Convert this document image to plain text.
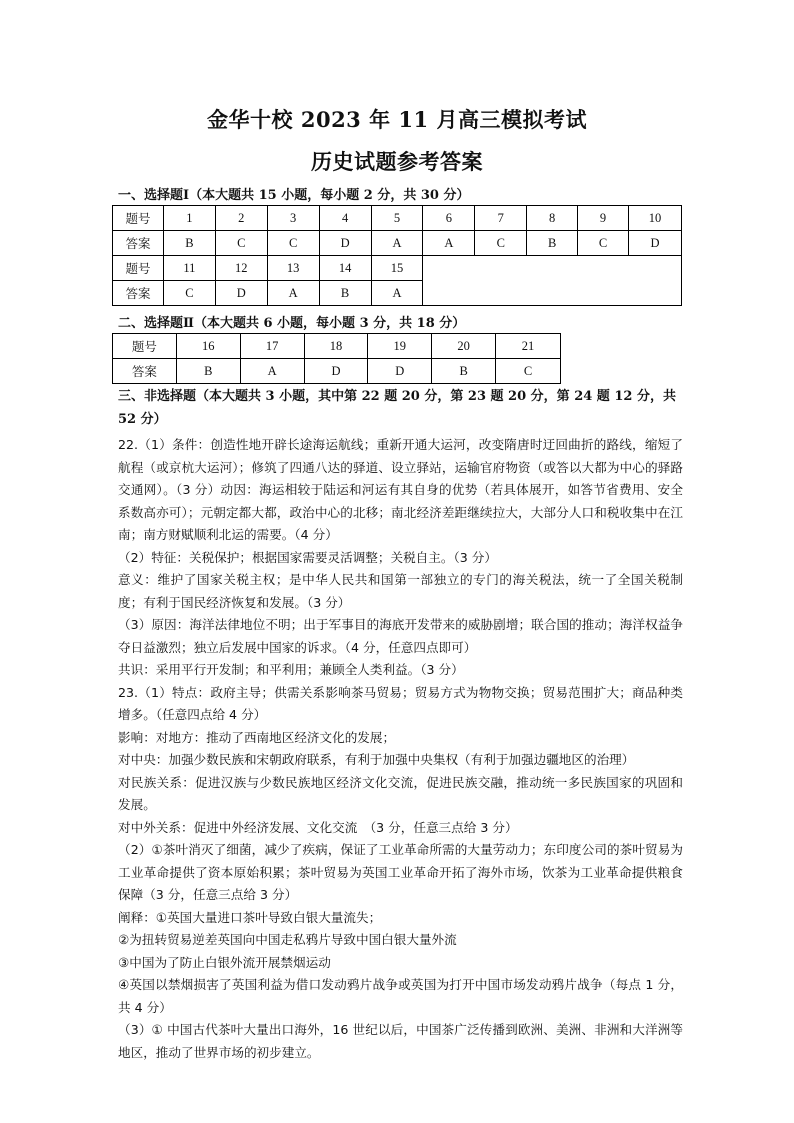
金华十校 2023 年 11 月高三模拟考试
历史试题参考答案
一、选择题Ⅰ（本大题共 15 小题，每小题 2 分，共 30 分）
题号	1	2	3	4	5	6	7	8	9	10
答案	B	C	C	D	A	A	C	B	C	D
题号	11	12	13	14	15					
答案	C	D	A	B	A					
二、选择题Ⅱ（本大题共 6 小题，每小题 3 分，共 18 分）
题号	16	17	18	19	20	21
答案	B	A	D	D	B	C
三、非选择题（本大题共 3 小题，其中第 22 题 20 分，第 23 题 20 分，第 24 题 12 分，共 52 分）

22.（1）条件：创造性地开辟长途海运航线；重新开通大运河，改变隋唐时迂回曲折的路线，缩短了航程（或京杭大运河）；修筑了四通八达的驿道、设立驿站，运输官府物资（或答以大都为中心的驿路交通网）。（3 分）动因：海运相较于陆运和河运有其自身的优势（若具体展开，如答节省费用、安全系数高亦可）；元朝定都大都，政治中心的北移；南北经济差距继续拉大，大部分人口和税收集中在江南；南方财赋顺利北运的需要。（4 分）

（2）特征：关税保护；根据国家需要灵活调整；关税自主。（3 分）

意义：维护了国家关税主权；是中华人民共和国第一部独立的专门的海关税法，统一了全国关税制度；有利于国民经济恢复和发展。（3 分）

（3）原因：海洋法律地位不明；出于军事目的海底开发带来的威胁剧增；联合国的推动；海洋权益争夺日益激烈；独立后发展中国家的诉求。（4 分，任意四点即可）

共识：采用平行开发制；和平利用；兼顾全人类利益。（3 分）

23.（1）特点：政府主导；供需关系影响茶马贸易；贸易方式为物物交换；贸易范围扩大；商品种类增多。（任意四点给 4 分）

影响：对地方：推动了西南地区经济文化的发展；

对中央：加强少数民族和宋朝政府联系，有利于加强中央集权（有利于加强边疆地区的治理）

对民族关系：促进汉族与少数民族地区经济文化交流，促进民族交融，推动统一多民族国家的巩固和发展。

对中外关系：促进中外经济发展、文化交流　（3 分，任意三点给 3 分）

（2）①茶叶消灭了细菌，减少了疾病，保证了工业革命所需的大量劳动力；东印度公司的茶叶贸易为工业革命提供了资本原始积累；茶叶贸易为英国工业革命开拓了海外市场，饮茶为工业革命提供粮食保障（3 分，任意三点给 3 分）

阐释：①英国大量进口茶叶导致白银大量流失；

②为扭转贸易逆差英国向中国走私鸦片导致中国白银大量外流

③中国为了防止白银外流开展禁烟运动

④英国以禁烟损害了英国利益为借口发动鸦片战争或英国为打开中国市场发动鸦片战争（每点 1 分，共 4 分）

（3）① 中国古代茶叶大量出口海外，16 世纪以后，中国茶广泛传播到欧洲、美洲、非洲和大洋洲等地区，推动了世界市场的初步建立。
